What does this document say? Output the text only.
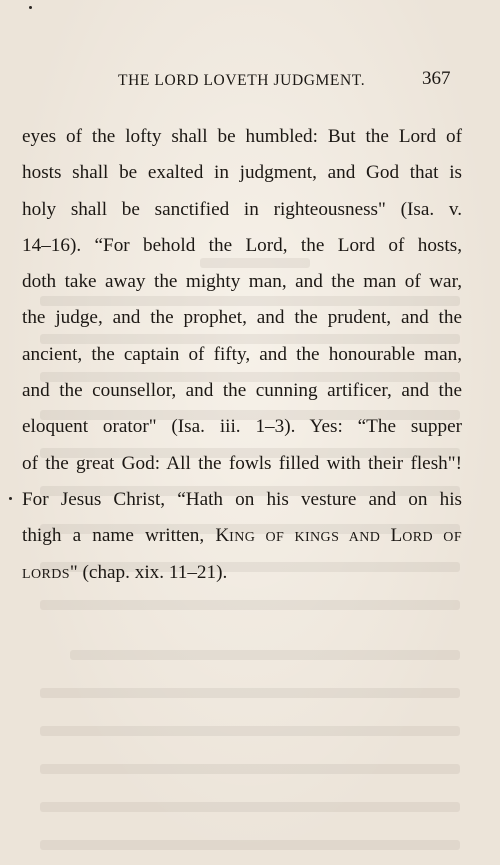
THE LORD LOVETH JUDGMENT.	367
eyes of the lofty shall be humbled: But the Lord of
hosts shall be exalted in judgment, and God that is
holy shall be sanctified in righteousness" (Isa. v.
14–16). “For behold the Lord, the Lord of hosts,
doth take away the mighty man, and the man of war,
the judge, and the prophet, and the prudent, and the
ancient, the captain of fifty, and the honourable man,
and the counsellor, and the cunning artificer, and the
eloquent orator" (Isa. iii. 1–3). Yes: “The supper
of the great God: All the fowls filled with their flesh"!
For Jesus Christ, “Hath on his vesture and on his
thigh a name written, KING OF KINGS AND LORD OF
LORDS" (chap. xix. 11–21).
